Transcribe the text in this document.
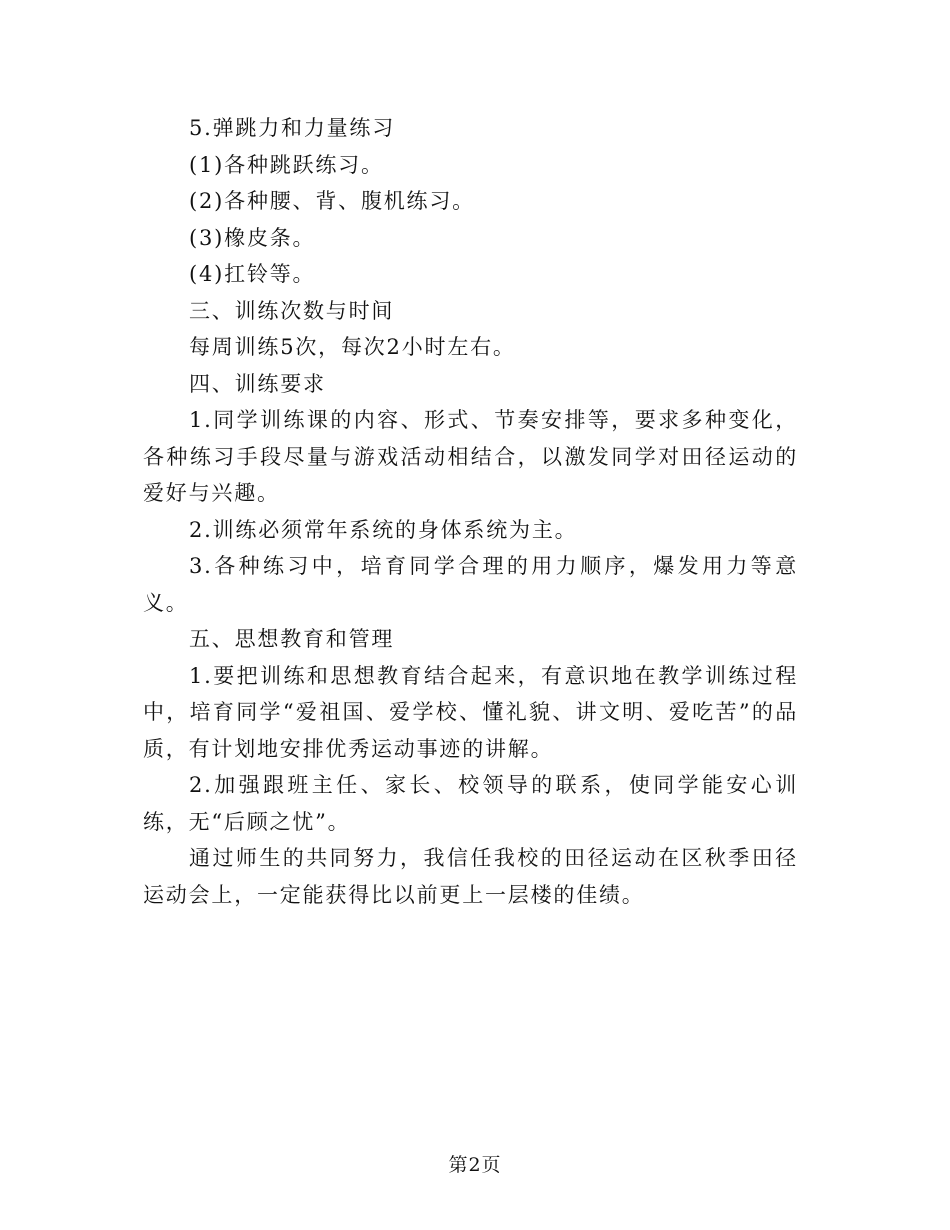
5.弹跳力和力量练习

(1)各种跳跃练习。

(2)各种腰、背、腹机练习。

(3)橡皮条。

(4)扛铃等。

三、训练次数与时间

每周训练5次，每次2小时左右。

四、训练要求

1.同学训练课的内容、形式、节奏安排等，要求多种变化，各种练习手段尽量与游戏活动相结合，以激发同学对田径运动的爱好与兴趣。

2.训练必须常年系统的身体系统为主。

3.各种练习中，培育同学合理的用力顺序，爆发用力等意义。

五、思想教育和管理

1.要把训练和思想教育结合起来，有意识地在教学训练过程中，培育同学“爱祖国、爱学校、懂礼貌、讲文明、爱吃苦”的品质，有计划地安排优秀运动事迹的讲解。

2.加强跟班主任、家长、校领导的联系，使同学能安心训练，无“后顾之忧”。

通过师生的共同努力，我信任我校的田径运动在区秋季田径运动会上，一定能获得比以前更上一层楼的佳绩。

第2页
